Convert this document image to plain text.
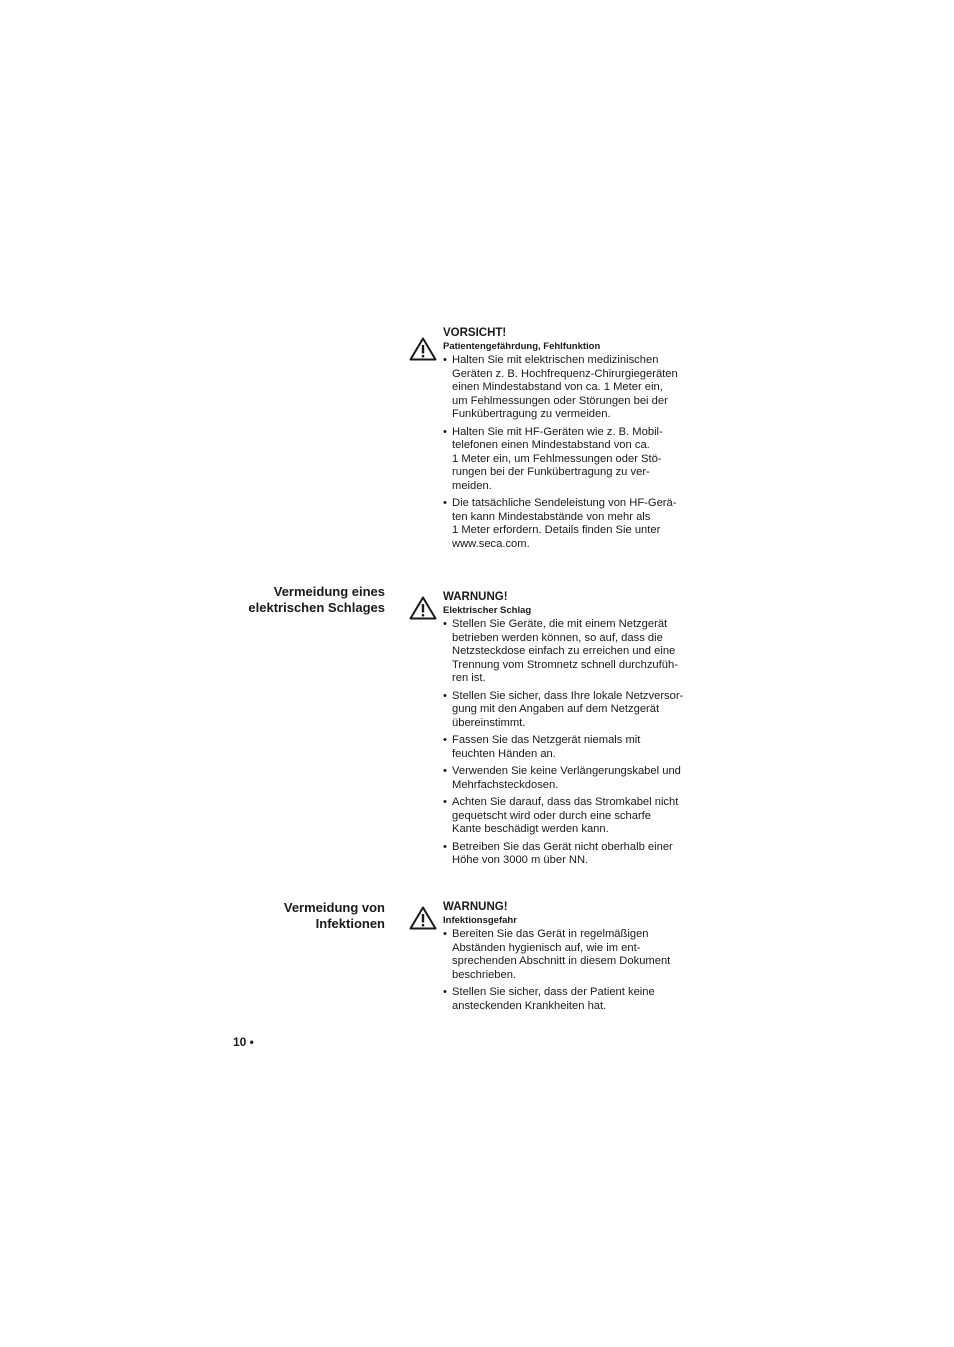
VORSICHT!
Patientengefährdung, Fehlfunktion
• Halten Sie mit elektrischen medizinischen
Geräten z. B. Hochfrequenz-Chirurgiegeräten
einen Mindestabstand von ca. 1 Meter ein,
um Fehlmessungen oder Störungen bei der
Funkübertragung zu vermeiden.
• Halten Sie mit HF-Geräten wie z. B. Mobil-
telefonen einen Mindestabstand von ca.
1 Meter ein, um Fehlmessungen oder Stö-
rungen bei der Funkübertragung zu ver-
meiden.
• Die tatsächliche Sendeleistung von HF-Gerä-
ten kann Mindestabstände von mehr als
1 Meter erfordern. Details finden Sie unter
www.seca.com.
Vermeidung eines
elektrischen Schlages
WARNUNG!
Elektrischer Schlag
• Stellen Sie Geräte, die mit einem Netzgerät
betrieben werden können, so auf, dass die
Netzsteckdose einfach zu erreichen und eine
Trennung vom Stromnetz schnell durchzufüh-
ren ist.
• Stellen Sie sicher, dass Ihre lokale Netzversor-
gung mit den Angaben auf dem Netzgerät
übereinstimmt.
• Fassen Sie das Netzgerät niemals mit
feuchten Händen an.
• Verwenden Sie keine Verlängerungskabel und
Mehrfachsteckdosen.
• Achten Sie darauf, dass das Stromkabel nicht
gequetscht wird oder durch eine scharfe
Kante beschädigt werden kann.
• Betreiben Sie das Gerät nicht oberhalb einer
Höhe von 3000 m über NN.
Vermeidung von
Infektionen
WARNUNG!
Infektionsgefahr
• Bereiten Sie das Gerät in regelmäßigen
Abständen hygienisch auf, wie im ent-
sprechenden Abschnitt in diesem Dokument
beschrieben.
• Stellen Sie sicher, dass der Patient keine
ansteckenden Krankheiten hat.
10 •
